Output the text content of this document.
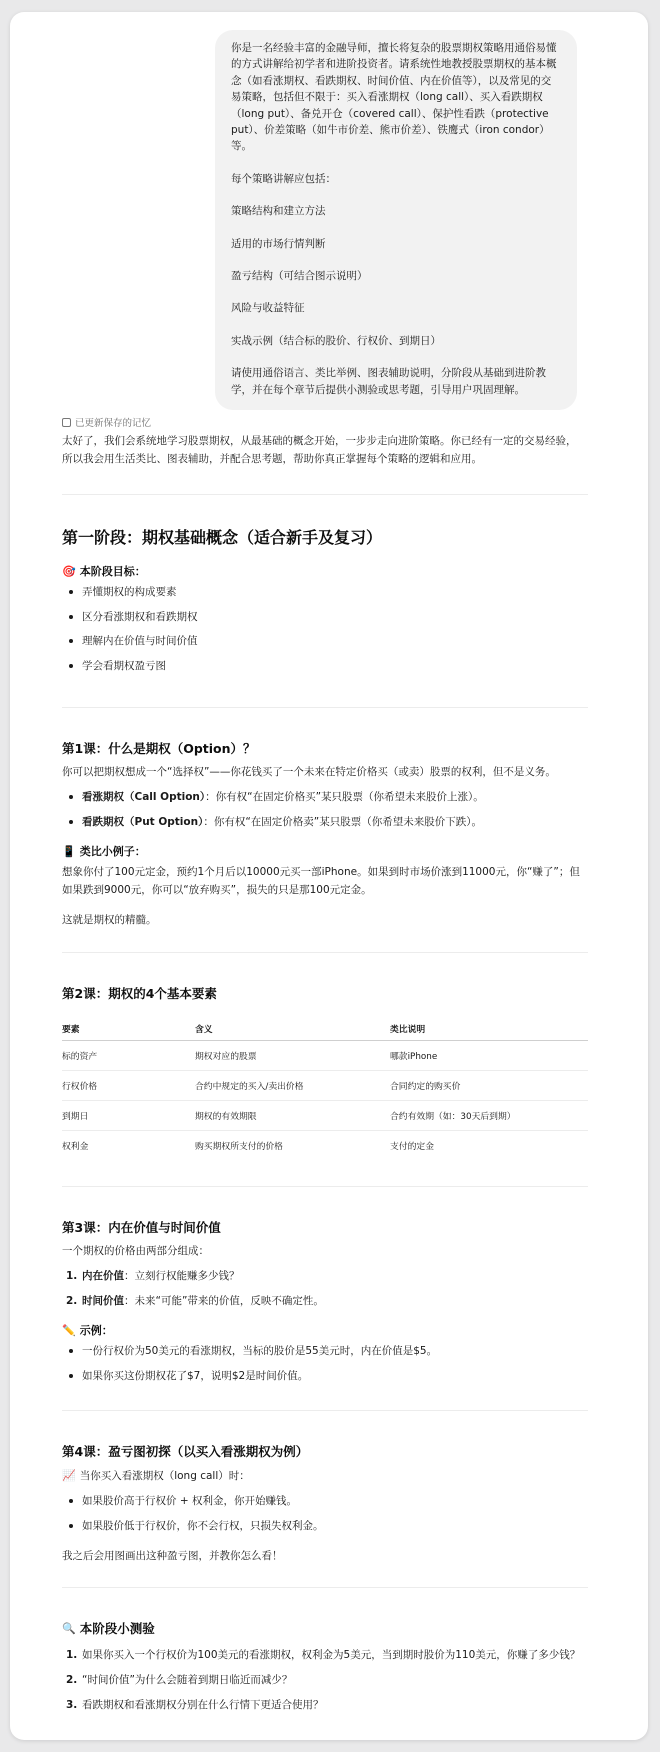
你是一名经验丰富的金融导师，擅长将复杂的股票期权策略用通俗易懂的方式讲解给初学者和进阶投资者。请系统性地教授股票期权的基本概念（如看涨期权、看跌期权、时间价值、内在价值等），以及常见的交易策略，包括但不限于：买入看涨期权（long call）、买入看跌期权（long put）、备兑开仓（covered call）、保护性看跌（protective put）、价差策略（如牛市价差、熊市价差）、铁鹰式（iron condor）等。

每个策略讲解应包括：

策略结构和建立方法

适用的市场行情判断

盈亏结构（可结合图示说明）

风险与收益特征

实战示例（结合标的股价、行权价、到期日）

请使用通俗语言、类比举例、图表辅助说明，分阶段从基础到进阶教学，并在每个章节后提供小测验或思考题，引导用户巩固理解。

已更新保存的记忆
太好了，我们会系统地学习股票期权，从最基础的概念开始，一步步走向进阶策略。你已经有一定的交易经验，所以我会用生活类比、图表辅助，并配合思考题，帮助你真正掌握每个策略的逻辑和应用。
第一阶段：期权基础概念（适合新手及复习）
🎯 本阶段目标：
弄懂期权的构成要素
区分看涨期权和看跌期权
理解内在价值与时间价值
学会看期权盈亏图
第1课：什么是期权（Option）？
你可以把期权想成一个“选择权”——你花钱买了一个未来在特定价格买（或卖）股票的权利，但不是义务。
看涨期权（Call Option）：你有权“在固定价格买”某只股票（你希望未来股价上涨）。
看跌期权（Put Option）：你有权“在固定价格卖”某只股票（你希望未来股价下跌）。
📱 类比小例子：
想象你付了100元定金，预约1个月后以10000元买一部iPhone。如果到时市场价涨到11000元，你“赚了”；但如果跌到9000元，你可以“放弃购买”，损失的只是那100元定金。
这就是期权的精髓。
第2课：期权的4个基本要素
要素	含义	类比说明
标的资产	期权对应的股票	哪款iPhone
行权价格	合约中规定的买入/卖出价格	合同约定的购买价
到期日	期权的有效期限	合约有效期（如：30天后到期）
权利金	购买期权所支付的价格	支付的定金
第3课：内在价值与时间价值
一个期权的价格由两部分组成：
1. 内在价值：立刻行权能赚多少钱？
2. 时间价值：未来“可能”带来的价值，反映不确定性。
✏️ 示例：
一份行权价为50美元的看涨期权，当标的股价是55美元时，内在价值是$5。
如果你买这份期权花了$7，说明$2是时间价值。
第4课：盈亏图初探（以买入看涨期权为例）
📈 当你买入看涨期权（long call）时：
如果股价高于行权价 + 权利金，你开始赚钱。
如果股价低于行权价，你不会行权，只损失权利金。
我之后会用图画出这种盈亏图，并教你怎么看！
🔍 本阶段小测验
1. 如果你买入一个行权价为100美元的看涨期权，权利金为5美元，当到期时股价为110美元，你赚了多少钱？
2. “时间价值”为什么会随着到期日临近而减少？
3. 看跌期权和看涨期权分别在什么行情下更适合使用？
